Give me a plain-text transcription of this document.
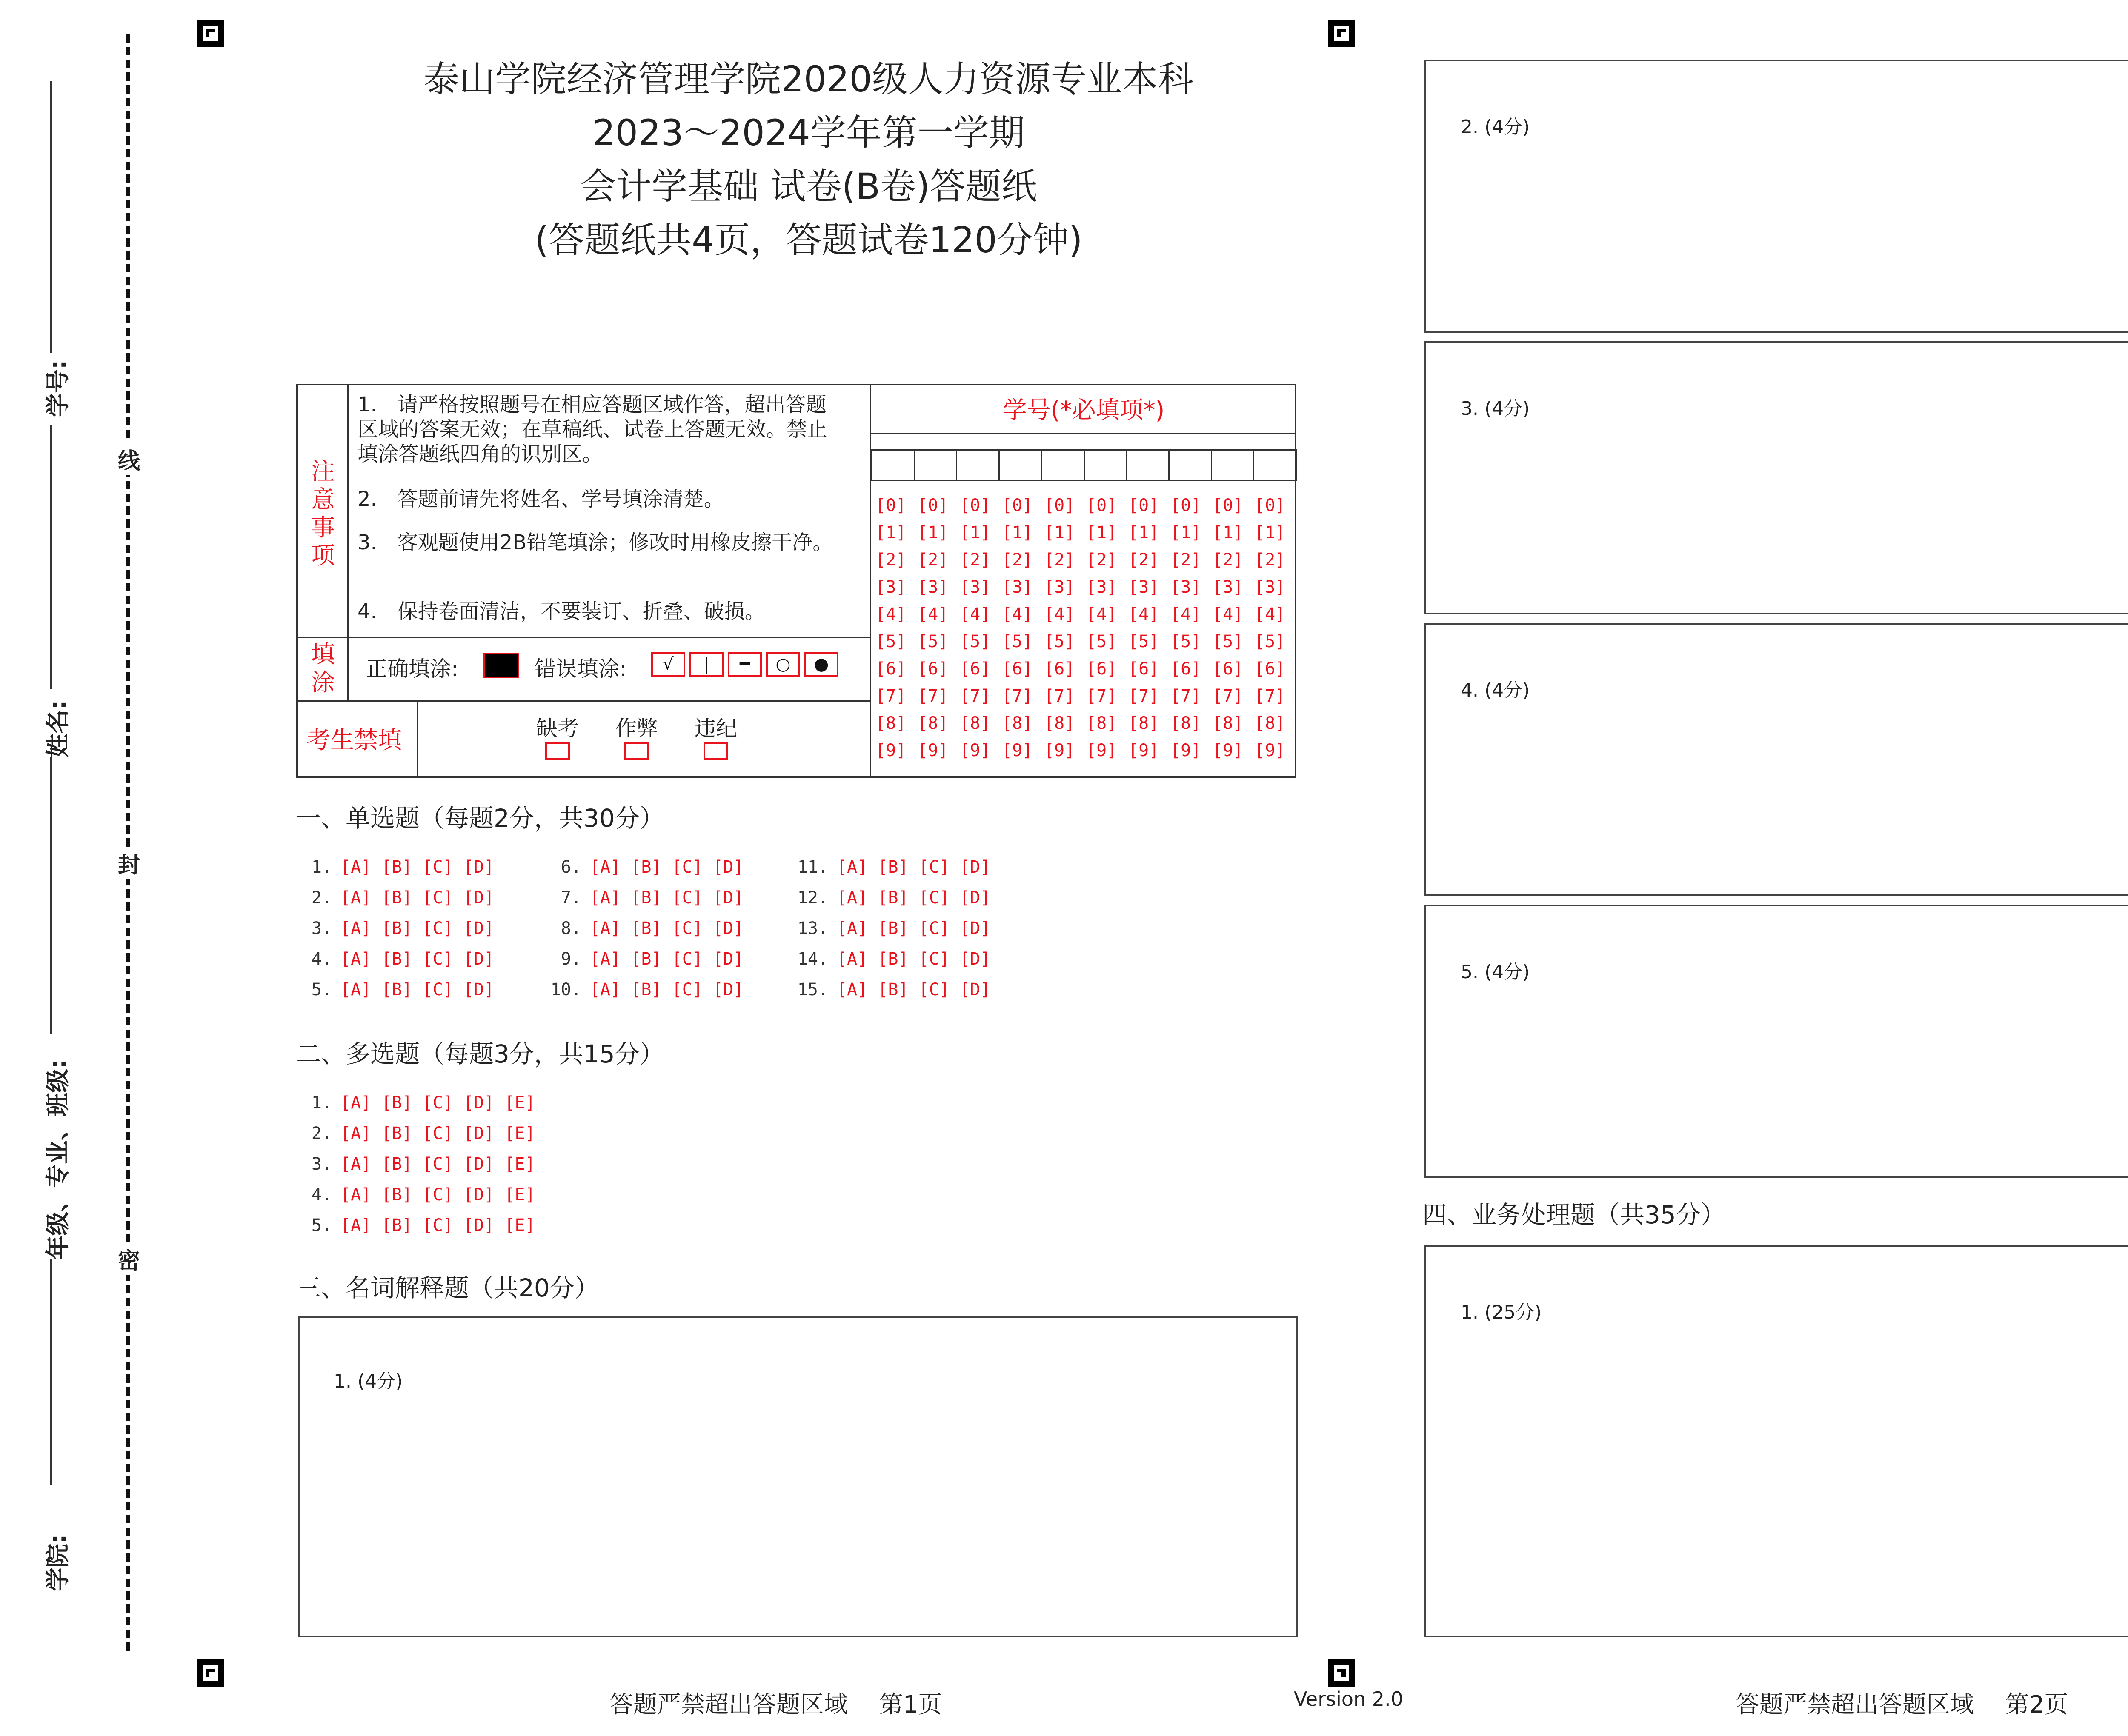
线
封
密
学号:
姓名:
年级、专业、班级:
学院:
泰山学院经济管理学院2020级人力资源专业本科
2023～2024学年第一学期
会计学基础 试卷(B卷)答题纸
(答题纸共4页，答题试卷120分钟)
注意事项
1.　请严格按照题号在相应答题区域作答，超出答题区域的答案无效；在草稿纸、试卷上答题无效。禁止填涂答题纸四角的识别区。
2.　答题前请先将姓名、学号填涂清楚。
3.　客观题使用2B铅笔填涂；修改时用橡皮擦干净。
4.　保持卷面清洁，不要装订、折叠、破损。
填涂 正确填涂:	错误填涂:	√ | ━ ○ ●
考生禁填	缺考	作弊	违纪
学号(*必填项*)
[0] [0] [0] [0] [0] [0] [0] [0] [0] [0]
[1] [1] [1] [1] [1] [1] [1] [1] [1] [1]
[2] [2] [2] [2] [2] [2] [2] [2] [2] [2]
[3] [3] [3] [3] [3] [3] [3] [3] [3] [3]
[4] [4] [4] [4] [4] [4] [4] [4] [4] [4]
[5] [5] [5] [5] [5] [5] [5] [5] [5] [5]
[6] [6] [6] [6] [6] [6] [6] [6] [6] [6]
[7] [7] [7] [7] [7] [7] [7] [7] [7] [7]
[8] [8] [8] [8] [8] [8] [8] [8] [8] [8]
[9] [9] [9] [9] [9] [9] [9] [9] [9] [9]
一、单选题（每题2分，共30分）
1. [A] [B] [C] [D]
2. [A] [B] [C] [D]
3. [A] [B] [C] [D]
4. [A] [B] [C] [D]
5. [A] [B] [C] [D]
6. [A] [B] [C] [D]
7. [A] [B] [C] [D]
8. [A] [B] [C] [D]
9. [A] [B] [C] [D]
10. [A] [B] [C] [D]
11. [A] [B] [C] [D]
12. [A] [B] [C] [D]
13. [A] [B] [C] [D]
14. [A] [B] [C] [D]
15. [A] [B] [C] [D]
二、多选题（每题3分，共15分）
1. [A] [B] [C] [D] [E]
2. [A] [B] [C] [D] [E]
3. [A] [B] [C] [D] [E]
4. [A] [B] [C] [D] [E]
5. [A] [B] [C] [D] [E]
三、名词解释题（共20分）
1. (4分)
2. (4分)
3. (4分)
4. (4分)
5. (4分)
四、业务处理题（共35分）
1. (25分)
答题严禁超出答题区域　 第1页	Version 2.0	答题严禁超出答题区域　 第2页
